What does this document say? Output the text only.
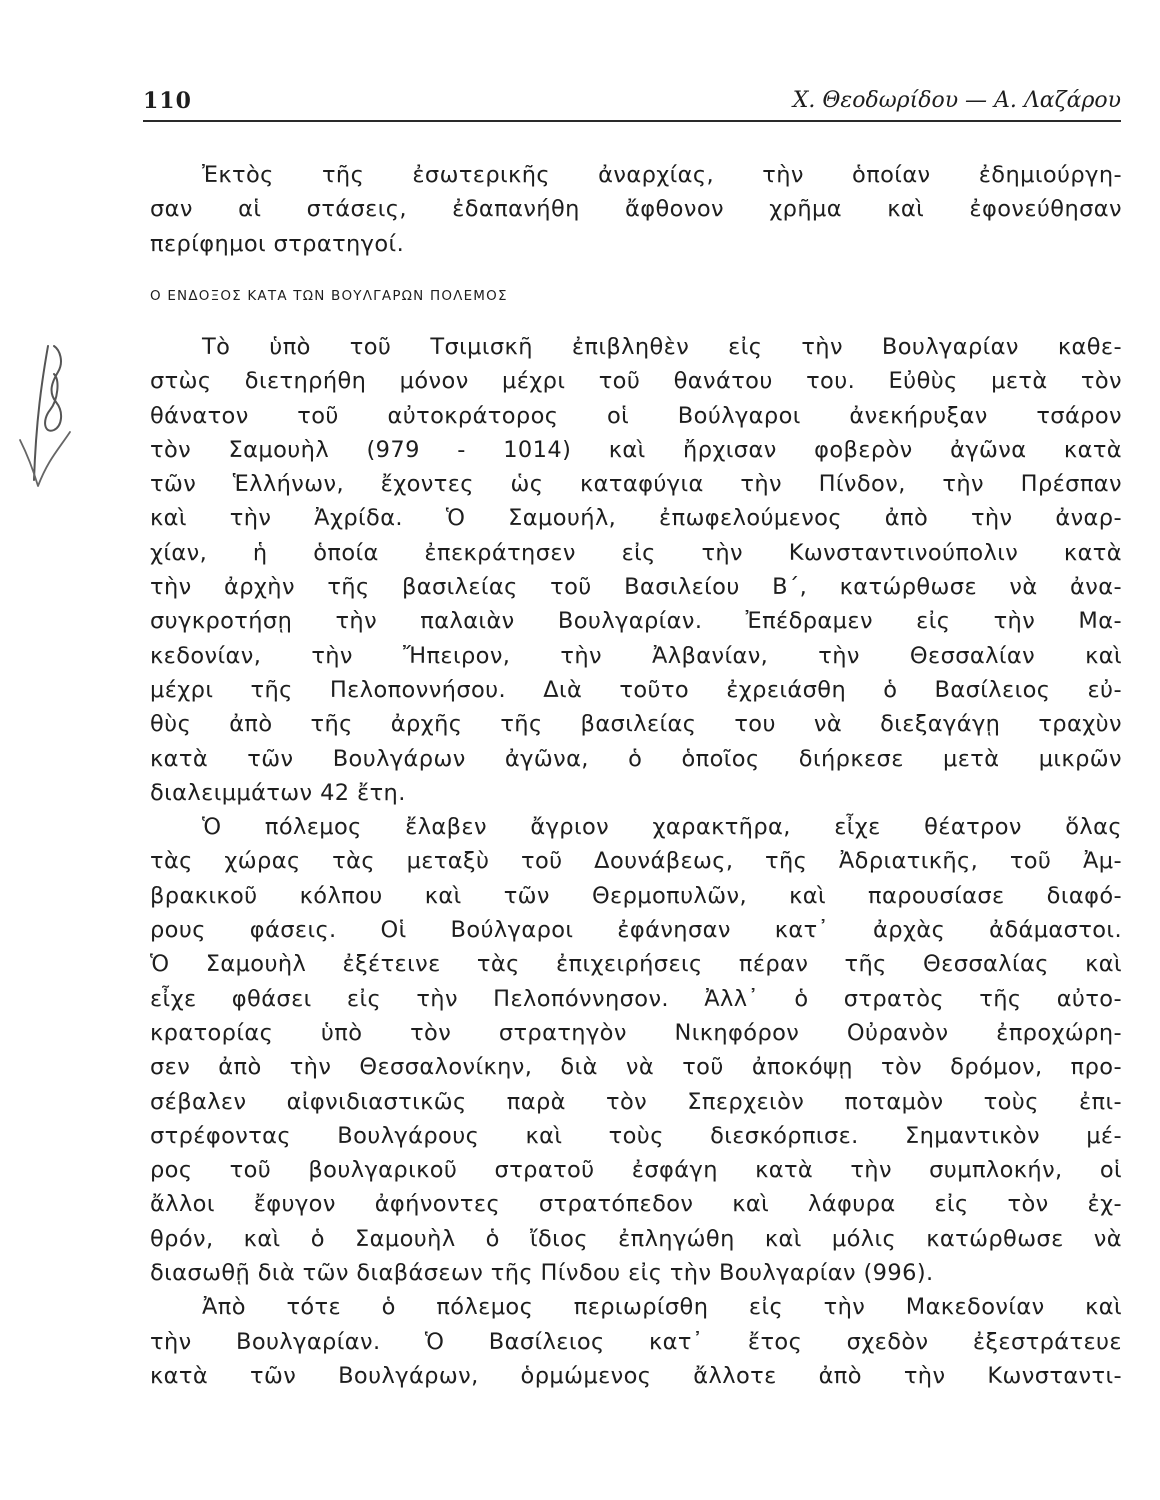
110	Χ. Θεοδωρίδου — Α. Λαζάρου
Ἐκτὸς τῆς ἐσωτερικῆς ἀναρχίας, τὴν ὁποίαν ἐδημιούργη-
σαν αἱ στάσεις, ἐδαπανήθη ἄφθονον χρῆμα καὶ ἐφονεύθησαν
περίφημοι στρατηγοί.
Ο ΕΝΔΟΞΟΣ ΚΑΤΑ ΤΩΝ ΒΟΥΛΓΑΡΩΝ ΠΟΛΕΜΟΣ
Τὸ ὑπὸ τοῦ Τσιμισκῆ ἐπιβληθὲν εἰς τὴν Βουλγαρίαν καθε-
στὼς διετηρήθη μόνον μέχρι τοῦ θανάτου του. Εὐθὺς μετὰ τὸν
θάνατον τοῦ αὐτοκράτορος οἱ Βούλγαροι ἀνεκήρυξαν τσάρον
τὸν Σαμουὴλ (979 - 1014) καὶ ἤρχισαν φοβερὸν ἀγῶνα κατὰ
τῶν Ἑλλήνων, ἔχοντες ὡς καταφύγια τὴν Πίνδον, τὴν Πρέσπαν
καὶ τὴν Ἀχρίδα. Ὁ Σαμουήλ, ἐπωφελούμενος ἀπὸ τὴν ἀναρ-
χίαν, ἡ ὁποία ἐπεκράτησεν εἰς τὴν Κωνσταντινούπολιν κατὰ
τὴν ἀρχὴν τῆς βασιλείας τοῦ Βασιλείου Β΄, κατώρθωσε νὰ ἀνα-
συγκροτήσῃ τὴν παλαιὰν Βουλγαρίαν. Ἐπέδραμεν εἰς τὴν Μα-
κεδονίαν, τὴν Ἤπειρον, τὴν Ἀλβανίαν, τὴν Θεσσαλίαν καὶ
μέχρι τῆς Πελοποννήσου. Διὰ τοῦτο ἐχρειάσθη ὁ Βασίλειος εὐ-
θὺς ἀπὸ τῆς ἀρχῆς τῆς βασιλείας του νὰ διεξαγάγῃ τραχὺν
κατὰ τῶν Βουλγάρων ἀγῶνα, ὁ ὁποῖος διήρκεσε μετὰ μικρῶν
διαλειμμάτων 42 ἔτη.
Ὁ πόλεμος ἔλαβεν ἄγριον χαρακτῆρα, εἶχε θέατρον ὅλας
τὰς χώρας τὰς μεταξὺ τοῦ Δουνάβεως, τῆς Ἀδριατικῆς, τοῦ Ἀμ-
βρακικοῦ κόλπου καὶ τῶν Θερμοπυλῶν, καὶ παρουσίασε διαφό-
ρους φάσεις. Οἱ Βούλγαροι ἐφάνησαν κατ᾿ ἀρχὰς ἀδάμαστοι.
Ὁ Σαμουὴλ ἐξέτεινε τὰς ἐπιχειρήσεις πέραν τῆς Θεσσαλίας καὶ
εἶχε φθάσει εἰς τὴν Πελοπόννησον. Ἀλλ᾿ ὁ στρατὸς τῆς αὐτο-
κρατορίας ὑπὸ τὸν στρατηγὸν Νικηφόρον Οὐρανὸν ἐπροχώρη-
σεν ἀπὸ τὴν Θεσσαλονίκην, διὰ νὰ τοῦ ἀποκόψῃ τὸν δρόμον, προ-
σέβαλεν αἰφνιδιαστικῶς παρὰ τὸν Σπερχειὸν ποταμὸν τοὺς ἐπι-
στρέφοντας Βουλγάρους καὶ τοὺς διεσκόρπισε. Σημαντικὸν μέ-
ρος τοῦ βουλγαρικοῦ στρατοῦ ἐσφάγη κατὰ τὴν συμπλοκήν, οἱ
ἄλλοι ἔφυγον ἀφήνοντες στρατόπεδον καὶ λάφυρα εἰς τὸν ἐχ-
θρόν, καὶ ὁ Σαμουὴλ ὁ ἴδιος ἐπληγώθη καὶ μόλις κατώρθωσε νὰ
διασωθῇ διὰ τῶν διαβάσεων τῆς Πίνδου εἰς τὴν Βουλγαρίαν (996).
Ἀπὸ τότε ὁ πόλεμος περιωρίσθη εἰς τὴν Μακεδονίαν καὶ
τὴν Βουλγαρίαν. Ὁ Βασίλειος κατ᾿ ἔτος σχεδὸν ἐξεστράτευε
κατὰ τῶν Βουλγάρων, ὁρμώμενος ἄλλοτε ἀπὸ τὴν Κωνσταντι-
